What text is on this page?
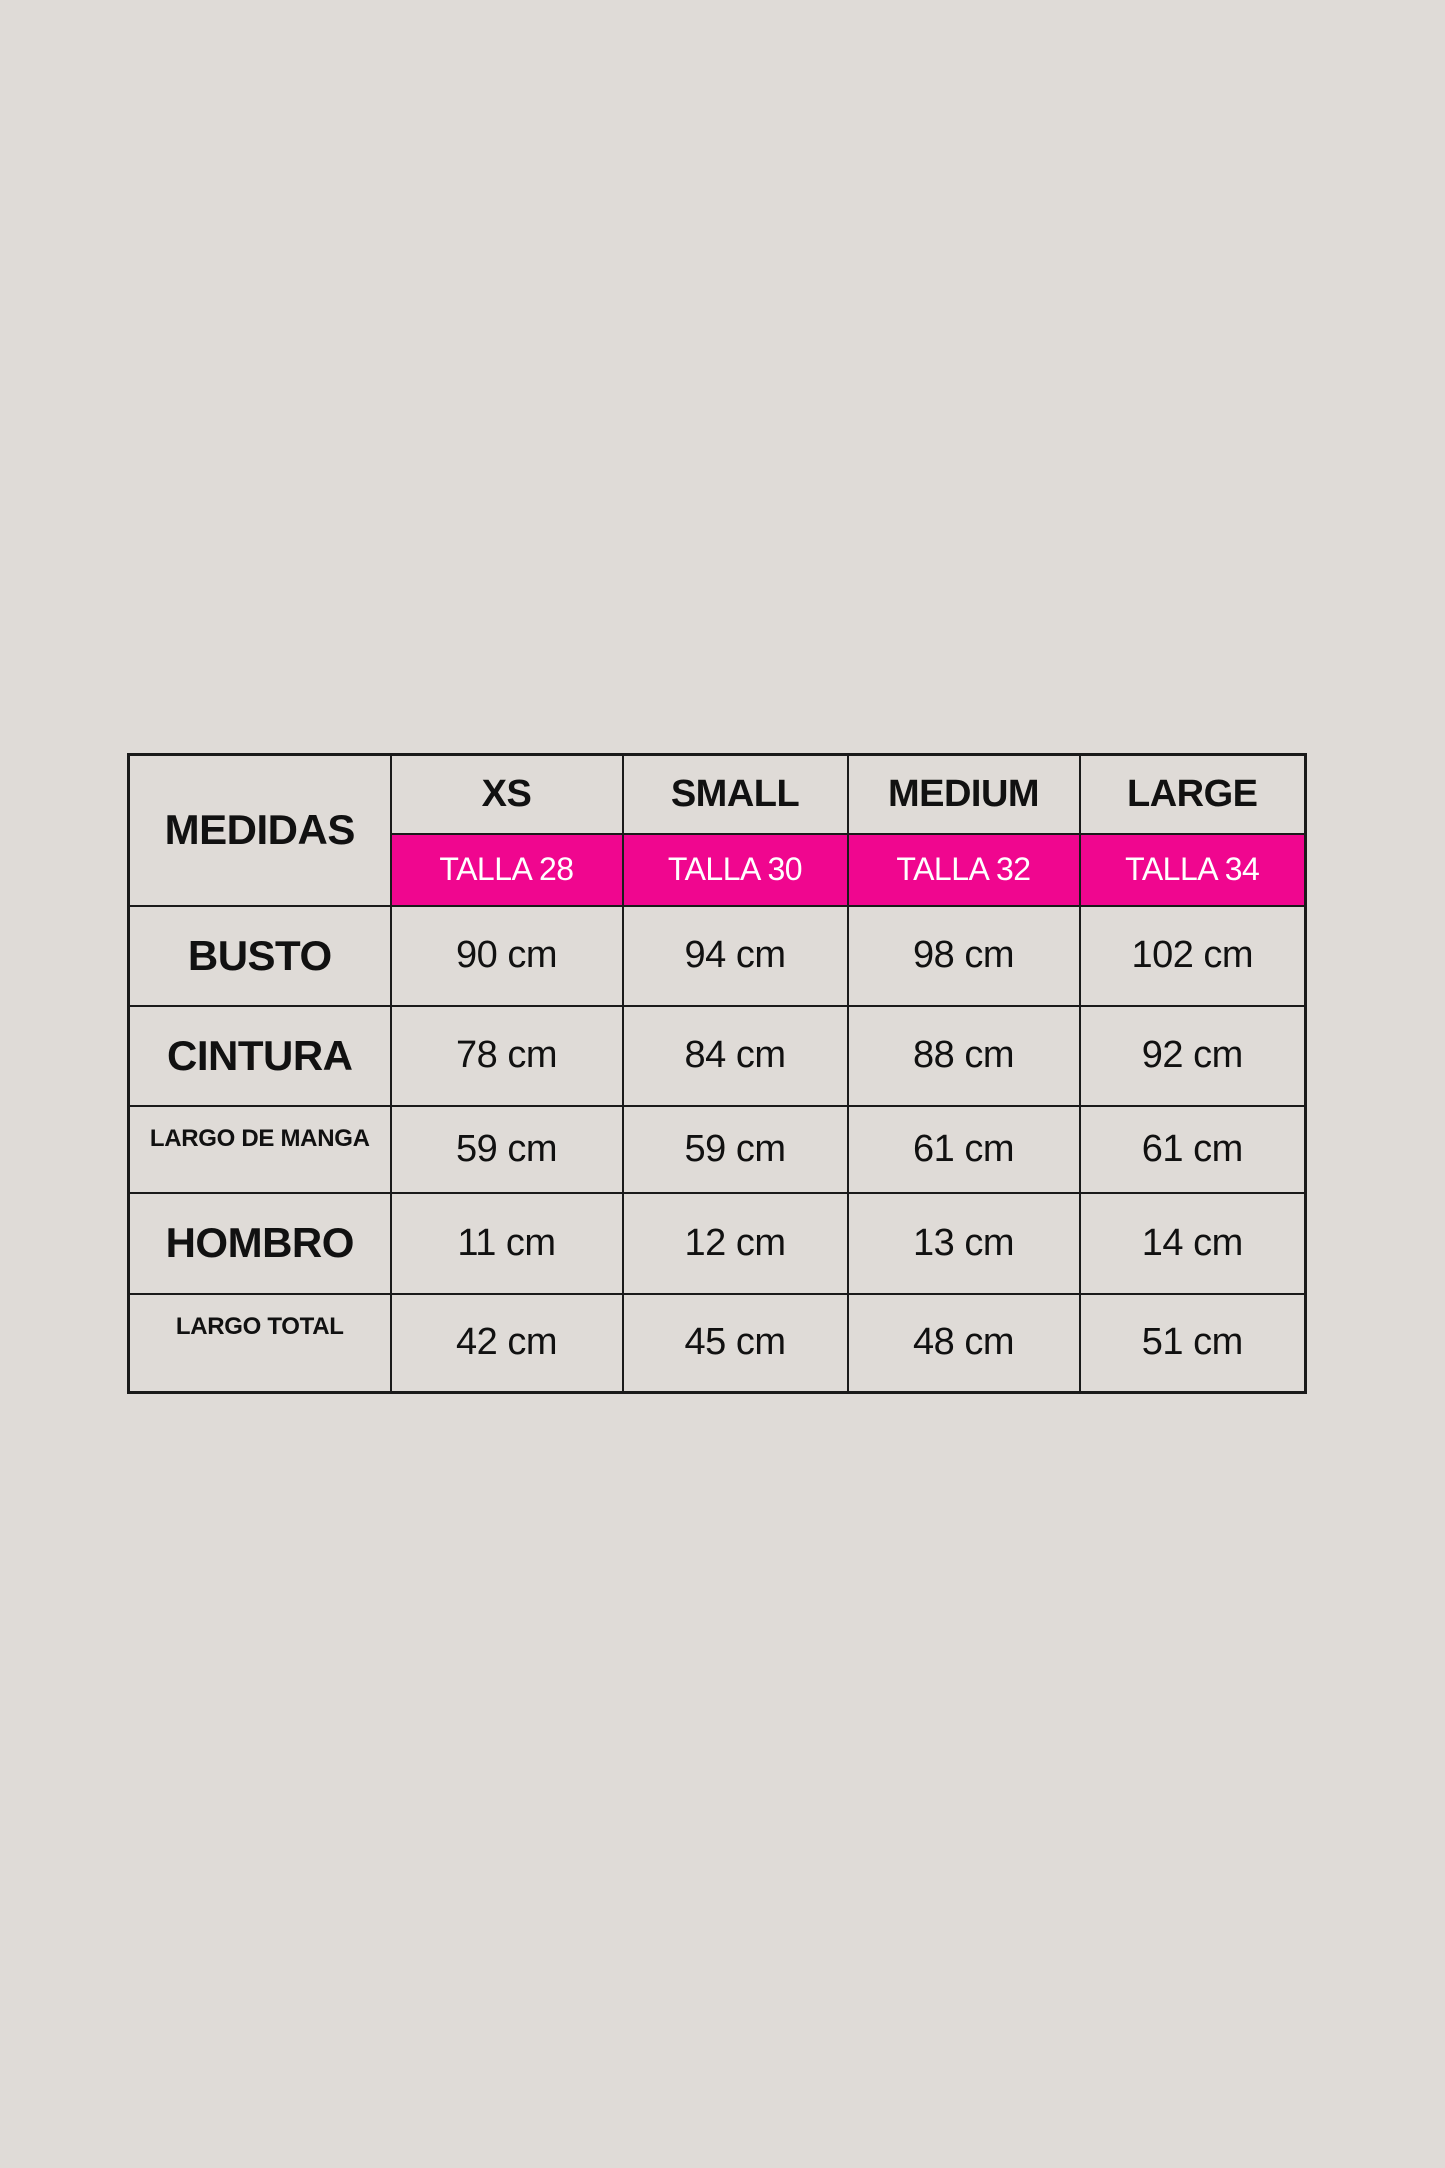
MEDIDAS	XS	SMALL	MEDIUM	LARGE
	TALLA 28	TALLA 30	TALLA 32	TALLA 34
BUSTO	90 cm	94 cm	98 cm	102 cm
CINTURA	78 cm	84 cm	88 cm	92 cm
LARGO DE MANGA	59 cm	59 cm	61 cm	61 cm
HOMBRO	11 cm	12 cm	13 cm	14 cm
LARGO TOTAL	42 cm	45 cm	48 cm	51 cm
